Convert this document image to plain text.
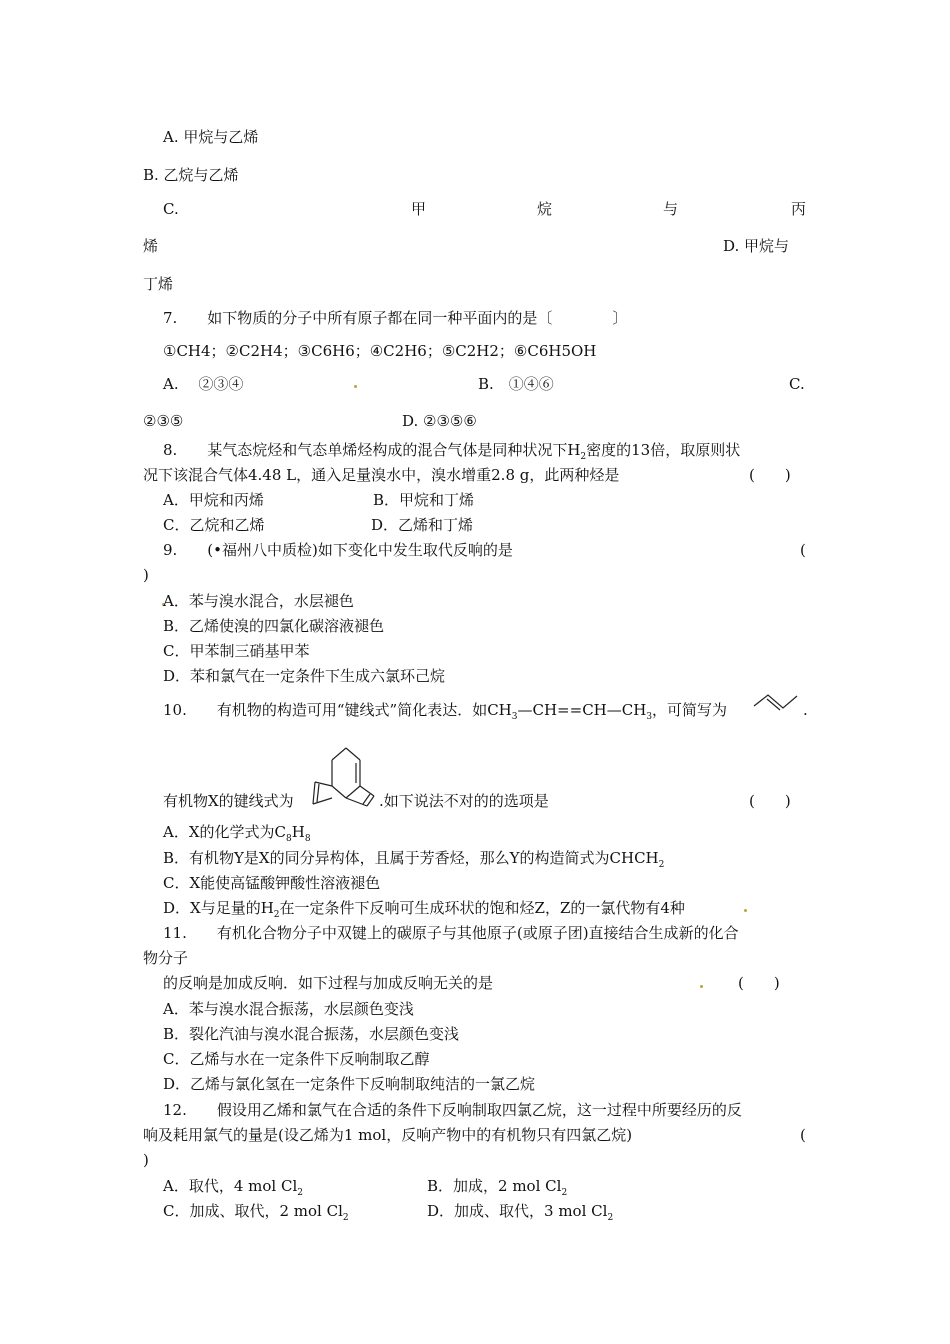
A. 甲烷与乙烯
B. 乙烷与乙烯
C.	甲	烷	与	丙
烯	D. 甲烷与
丁烯
7.　　如下物质的分子中所有原子都在同一种平面内的是〔　　　　〕
①CH4；②C2H4；③C6H6；④C2H6；⑤C2H2；⑥C6H5OH
A.　 ②③④	B.　①④⑥	C.
②③⑤	D. ②③⑤⑥
8.　　某气态烷烃和气态单烯烃构成的混合气体是同种状况下$H_2$密度的13倍，取原则状
况下该混合气体4.48 L，通入足量溴水中，溴水增重2.8 g，此两种烃是	(　　)
A．甲烷和丙烯	B．甲烷和丁烯
C．乙烷和乙烯	D．乙烯和丁烯
9.　　(•福州八中质检)如下变化中发生取代反响的是	(
)
A．苯与溴水混合，水层褪色
B．乙烯使溴的四氯化碳溶液褪色
C．甲苯制三硝基甲苯
D．苯和氯气在一定条件下生成六氯环己烷
10.　　有机物的构造可用“键线式”简化表达．如$CH_3—CH==CH—CH_3$，可简写为	.
有机物X的键线式为	.如下说法不对的的选项是	(　　)
A．X的化学式为$C_8H_8$
B．有机物Y是X的同分异构体，且属于芳香烃，那么Y的构造简式为$CHCH_2$
C．X能使高锰酸钾酸性溶液褪色
D．X与足量的$H_2$在一定条件下反响可生成环状的饱和烃Z，Z的一氯代物有4种
11.　　有机化合物分子中双键上的碳原子与其他原子(或原子团)直接结合生成新的化合
物分子
的反响是加成反响．如下过程与加成反响无关的是	(　　)
A．苯与溴水混合振荡，水层颜色变浅
B．裂化汽油与溴水混合振荡，水层颜色变浅
C．乙烯与水在一定条件下反响制取乙醇
D．乙烯与氯化氢在一定条件下反响制取纯洁的一氯乙烷
12.　　假设用乙烯和氯气在合适的条件下反响制取四氯乙烷，这一过程中所要经历的反
响及耗用氯气的量是(设乙烯为1 mol，反响产物中的有机物只有四氯乙烷)	(
)
A．取代，4 mol $Cl_2$	B．加成，2 mol $Cl_2$
C．加成、取代，2 mol $Cl_2$	D．加成、取代，3 mol $Cl_2$
